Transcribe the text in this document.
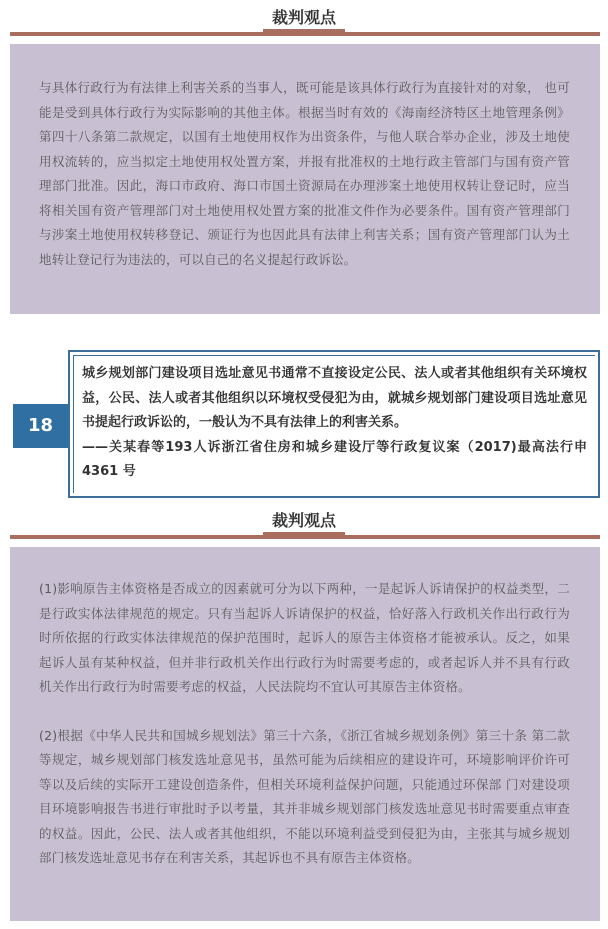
裁判观点

与具体行政行为有法律上利害关系的当事人，既可能是该具体行政行为直接针对的对象， 也可能是受到具体行政行为实际影响的其他主体。根据当时有效的《海南经济特区土地管理条例》第四十八条第二款规定，以国有土地使用权作为出资条件，与他人联合举办企业，涉及土地使用权流转的，应当拟定土地使用权处置方案，并报有批准权的土地行政主管部门与国有资产管理部门批准。因此，海口市政府、海口市国土资源局在办理涉案土地使用权转让登记时，应当将相关国有资产管理部门对土地使用权处置方案的批准文件作为必要条件。国有资产管理部门与涉案土地使用权转移登记、颁证行为也因此具有法律上利害关系；国有资产管理部门认为土地转让登记行为违法的，可以自己的名义提起行政诉讼。

18

城乡规划部门建设项目选址意见书通常不直接设定公民、法人或者其他组织有关环境权益，公民、法人或者其他组织以环境权受侵犯为由，就城乡规划部门建设项目选址意见书提起行政诉讼的，一般认为不具有法律上的利害关系。

——关某春等193人诉浙江省住房和城乡建设厅等行政复议案（2017)最高法行申4361 号

裁判观点

(1)影响原告主体资格是否成立的因素就可分为以下两种，一是起诉人诉请保护的权益类型，二是行政实体法律规范的规定。只有当起诉人诉请保护的权益，恰好落入行政机关作出行政行为时所依据的行政实体法律规范的保护范围时，起诉人的原告主体资格才能被承认。反之，如果起诉人虽有某种权益，但并非行政机关作出行政行为时需要考虑的，或者起诉人并不具有行政机关作出行政行为时需要考虑的权益，人民法院均不宜认可其原告主体资格。

(2)根据《中华人民共和国城乡规划法》第三十六条，《浙江省城乡规划条例》第三十条 第二款等规定，城乡规划部门核发选址意见书，虽然可能为后续相应的建设许可，环境影响评价许可等以及后续的实际开工建设创造条件，但相关环境利益保护问题，只能通过环保部 门对建设项目环境影响报告书进行审批时予以考量，其并非城乡规划部门核发选址意见书时需要重点审查的权益。因此，公民、法人或者其他组织，不能以环境利益受到侵犯为由，主张其与城乡规划部门核发选址意见书存在利害关系，其起诉也不具有原告主体资格。
